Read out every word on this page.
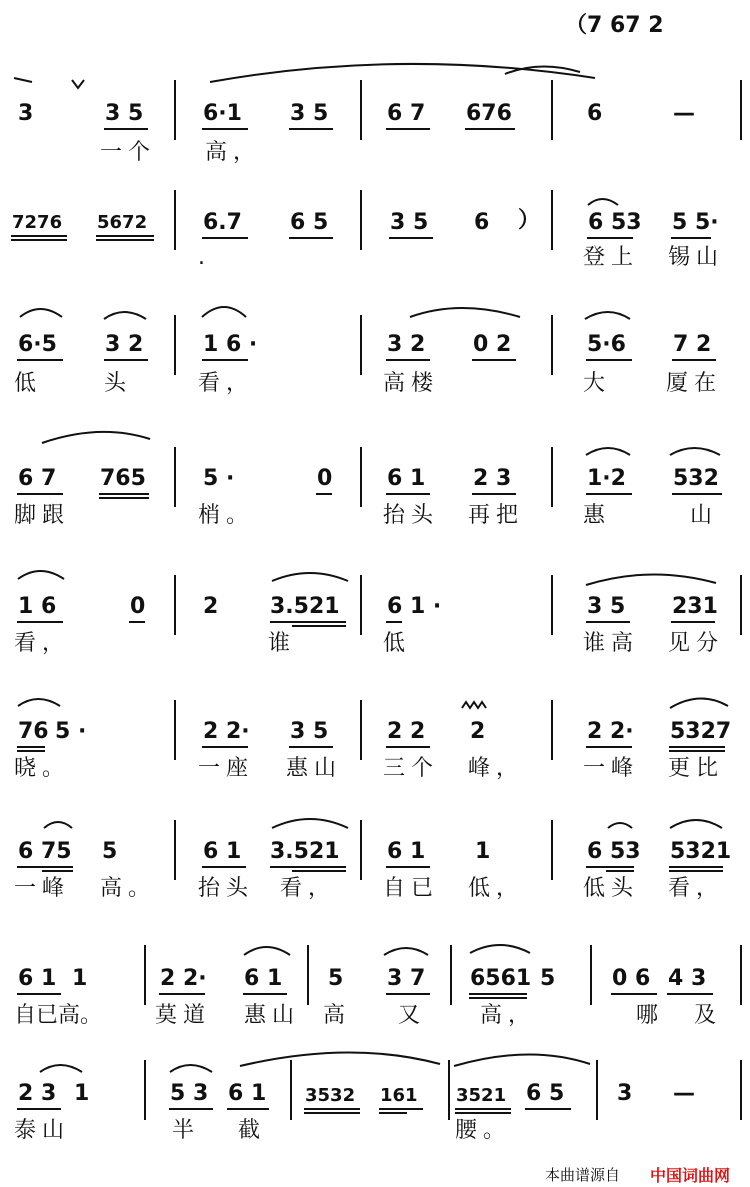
（7 67 2
3	3 5	6·1 3 5	6 7 676	6	—
一个 高，
7276 5672	6.7 6 5	3 5 6 ） 6 53 5 5·
.	登上 锡山
6·5 3 2	1 6 ·	3 2 0 2	5·6 7 2
低	头	看，	高楼	大 厦在
6 7 765	5 ·	0 6 1 2 3	1·2 532
脚跟	梢。	抬头 再把	惠	山
1 6	0	2 3.521 6 1 ·	3 5 231
看，	谁	低	谁高 见分
76 5 ·	2 2· 3 5	2 2 2	2 2· 5327
晓。	一座 惠山 三个 峰，	一峰 更比
6 75 5	6 1 3.521 6 1 1	6 53 5321
一峰 高。 抬头 看， 自已 低，	低头 看，
6 1 1	2 2· 6 1 5 3 7 6561 5	0 6 4 3
自已高。 莫道 惠山 高 又 高，	哪 及
2 3 1	5 3 6 1 3532 161 3521 6 5 3 —
泰山	半 截	腰。
本曲谱源自 中国词曲网
